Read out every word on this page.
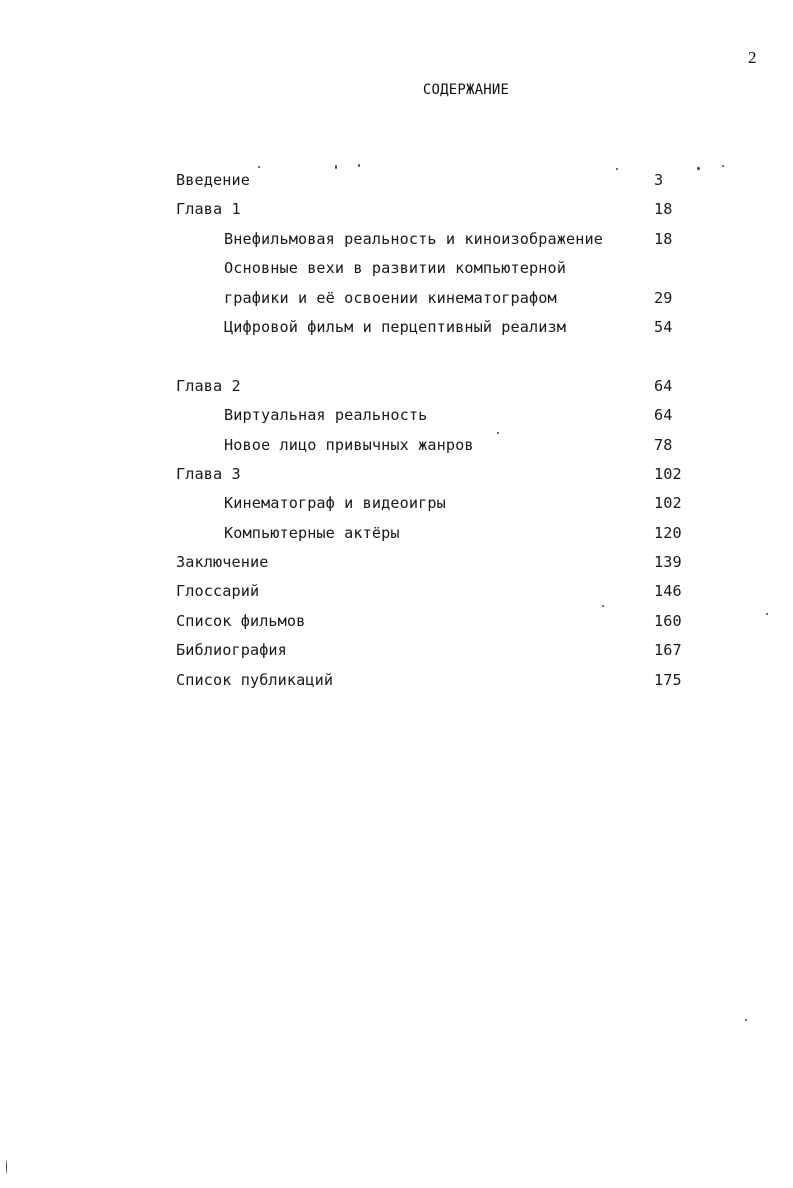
2
СОДЕРЖАНИЕ
Введение	3
Глава 1	18
Внефильмовая реальность и киноизображение	18
Основные вехи в развитии компьютерной
графики и её освоении кинематографом	29
Цифровой фильм и перцептивный реализм	54
Глава 2	64
Виртуальная реальность	64
Новое лицо привычных жанров	78
Глава 3	102
Кинематограф и видеоигры	102
Компьютерные актёры	120
Заключение	139
Глоссарий	146
Список фильмов	160
Библиография	167
Список публикаций	175
